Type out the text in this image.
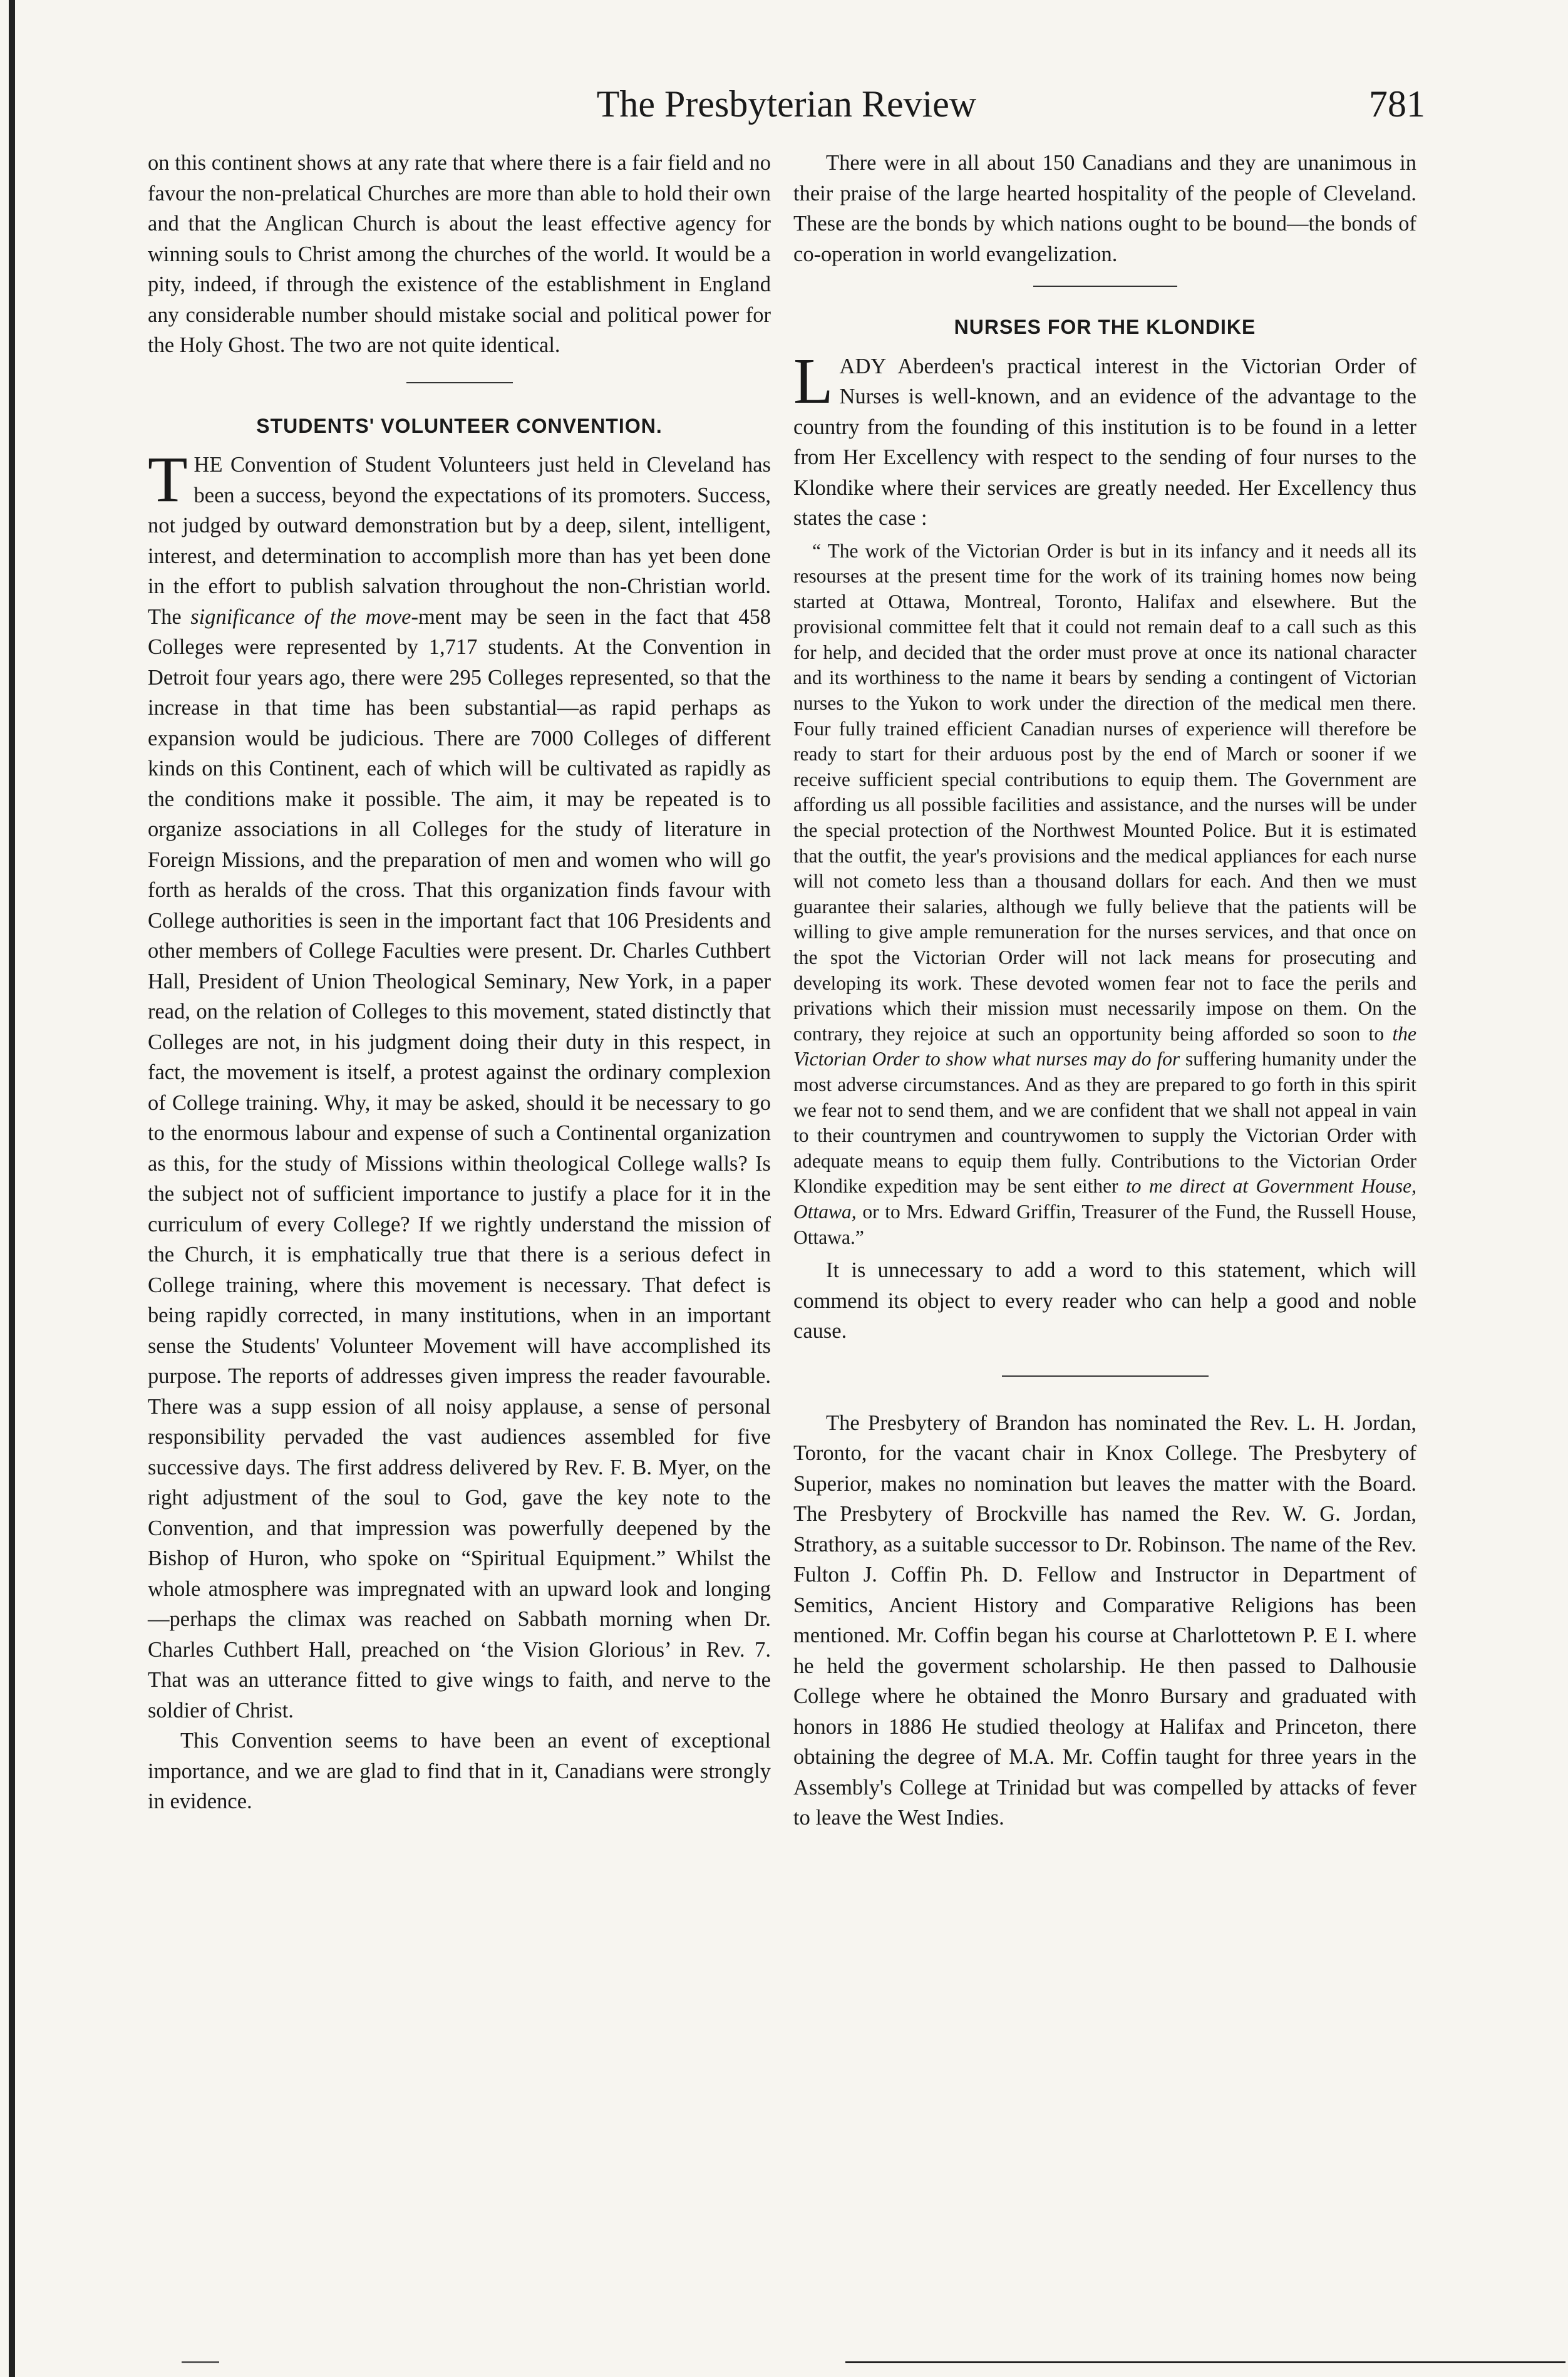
The Presbyterian Review	781

on this continent shows at any rate that where there is a fair field and no favour the non-prelatical Churches are more than able to hold their own and that the Anglican Church is about the least effective agency for winning souls to Christ among the churches of the world. It would be a pity, indeed, if through the existence of the establishment in England any considerable number should mistake social and political power for the Holy Ghost. The two are not quite identical.

STUDENTS' VOLUNTEER CONVENTION.

THE Convention of Student Volunteers just held in Cleveland has been a success, beyond the expectations of its promoters. Success, not judged by outward demonstration but by a deep, silent, intelligent, interest, and determination to accomplish more than has yet been done in the effort to publish salvation throughout the non-Christian world. The significance of the move-ment may be seen in the fact that 458 Colleges were represented by 1,717 students. At the Convention in Detroit four years ago, there were 295 Colleges represented, so that the increase in that time has been substantial—as rapid perhaps as expansion would be judicious. There are 7000 Colleges of different kinds on this Continent, each of which will be cultivated as rapidly as the conditions make it possible. The aim, it may be repeated is to organize associations in all Colleges for the study of literature in Foreign Missions, and the preparation of men and women who will go forth as heralds of the cross. That this organization finds favour with College authorities is seen in the important fact that 106 Presidents and other members of College Faculties were present. Dr. Charles Cuthbert Hall, President of Union Theological Seminary, New York, in a paper read, on the relation of Colleges to this movement, stated distinctly that Colleges are not, in his judgment doing their duty in this respect, in fact, the movement is itself, a protest against the ordinary complexion of College training. Why, it may be asked, should it be necessary to go to the enormous labour and expense of such a Continental organization as this, for the study of Missions within theological College walls? Is the subject not of sufficient importance to justify a place for it in the curriculum of every College? If we rightly understand the mission of the Church, it is emphatically true that there is a serious defect in College training, where this movement is necessary. That defect is being rapidly corrected, in many institutions, when in an important sense the Students' Volunteer Movement will have accomplished its purpose. The reports of addresses given impress the reader favourable. There was a supp ession of all noisy applause, a sense of personal responsibility pervaded the vast audiences assembled for five successive days. The first address delivered by Rev. F. B. Myer, on the right adjustment of the soul to God, gave the key note to the Convention, and that impression was powerfully deepened by the Bishop of Huron, who spoke on “Spiritual Equipment.” Whilst the whole atmosphere was impregnated with an upward look and longing—perhaps the climax was reached on Sabbath morning when Dr. Charles Cuthbert Hall, preached on ‘the Vision Glorious’ in Rev. 7. That was an utterance fitted to give wings to faith, and nerve to the soldier of Christ.

This Convention seems to have been an event of exceptional importance, and we are glad to find that in it, Canadians were strongly in evidence.

There were in all about 150 Canadians and they are unanimous in their praise of the large hearted hospitality of the people of Cleveland. These are the bonds by which nations ought to be bound—the bonds of co-operation in world evangelization.

NURSES FOR THE KLONDIKE

LADY Aberdeen's practical interest in the Victorian Order of Nurses is well-known, and an evidence of the advantage to the country from the founding of this institution is to be found in a letter from Her Excellency with respect to the sending of four nurses to the Klondike where their services are greatly needed. Her Excellency thus states the case :

“ The work of the Victorian Order is but in its infancy and it needs all its resourses at the present time for the work of its training homes now being started at Ottawa, Montreal, Toronto, Halifax and elsewhere. But the provisional committee felt that it could not remain deaf to a call such as this for help, and decided that the order must prove at once its national character and its worthiness to the name it bears by sending a contingent of Victorian nurses to the Yukon to work under the direction of the medical men there. Four fully trained efficient Canadian nurses of experience will therefore be ready to start for their arduous post by the end of March or sooner if we receive sufficient special contributions to equip them. The Government are affording us all possible facilities and assistance, and the nurses will be under the special protection of the Northwest Mounted Police. But it is estimated that the outfit, the year's provisions and the medical appliances for each nurse will not cometo less than a thousand dollars for each. And then we must guarantee their salaries, although we fully believe that the patients will be willing to give ample remuneration for the nurses services, and that once on the spot the Victorian Order will not lack means for prosecuting and developing its work. These devoted women fear not to face the perils and privations which their mission must necessarily impose on them. On the contrary, they rejoice at such an opportunity being afforded so soon to the Victorian Order to show what nurses may do for suffering humanity under the most adverse circumstances. And as they are prepared to go forth in this spirit we fear not to send them, and we are confident that we shall not appeal in vain to their countrymen and countrywomen to supply the Victorian Order with adequate means to equip them fully. Contributions to the Victorian Order Klondike expedition may be sent either to me direct at Government House, Ottawa, or to Mrs. Edward Griffin, Treasurer of the Fund, the Russell House, Ottawa.”

It is unnecessary to add a word to this statement, which will commend its object to every reader who can help a good and noble cause.

The Presbytery of Brandon has nominated the Rev. L. H. Jordan, Toronto, for the vacant chair in Knox College. The Presbytery of Superior, makes no nomination but leaves the matter with the Board. The Presbytery of Brockville has named the Rev. W. G. Jordan, Strathory, as a suitable successor to Dr. Robinson. The name of the Rev. Fulton J. Coffin Ph. D. Fellow and Instructor in Department of Semitics, Ancient History and Comparative Religions has been mentioned. Mr. Coffin began his course at Charlottetown P. E I. where he held the goverment scholarship. He then passed to Dalhousie College where he obtained the Monro Bursary and graduated with honors in 1886 He studied theology at Halifax and Princeton, there obtaining the degree of M.A. Mr. Coffin taught for three years in the Assembly's College at Trinidad but was compelled by attacks of fever to leave the West Indies.
